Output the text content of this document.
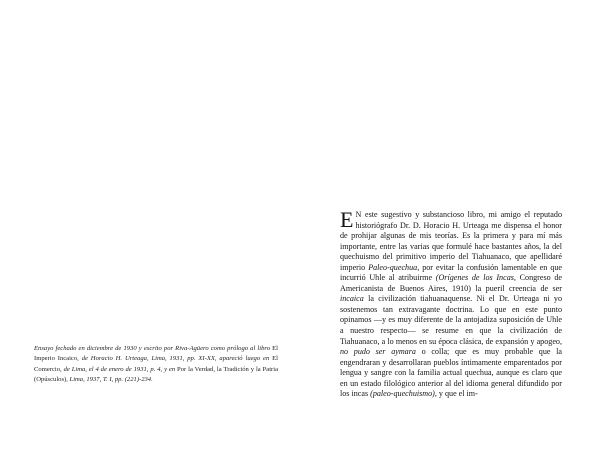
Ensayo fechado en diciembre de 1930 y escrito por Riva-Agüero como prólogo al libro El Imperio Incaico, de Horacio H. Urteaga, Lima, 1931, pp. XI-XX, apareció luego en El Comercio, de Lima, el 4 de enero de 1931, p. 4, y en Por la Verdad, la Tradición y la Patria (Opúsculos), Lima, 1937, T. I, pp. (221)-234.

E N este sugestivo y substancioso libro, mi amigo el reputado historiógrafo Dr. D. Horacio H. Urteaga me dispensa el honor de prohijar algunas de mis teorías. Es la primera y para mí más importante, entre las varias que formulé hace bastantes años, la del quechuismo del primitivo imperio del Tiahuanaco, que apellidaré imperio Paleo-quechua, por evitar la confusión lamentable en que incurrió Uhle al atribuirme (Orígenes de los Incas, Congreso de Americanista de Buenos Aires, 1910) la pueril creencia de ser incaica la civilización tiahuanaquense. Ni el Dr. Urteaga ni yo sostenemos tan extravagante doctrina. Lo que en este punto opinamos —y es muy diferente de la antojadiza suposición de Uhle a nuestro respecto— se resume en que la civilización de Tiahuanaco, a lo menos en su época clásica, de expansión y apogeo, no pudo ser aymara o colla; que es muy probable que la engendraran y desarrollaran pueblos íntimamente emparentados por lengua y sangre con la familia actual quechua, aunque es claro que en un estado filológico anterior al del idioma general difundido por los incas (paleo-quechuismo), y que el im-
